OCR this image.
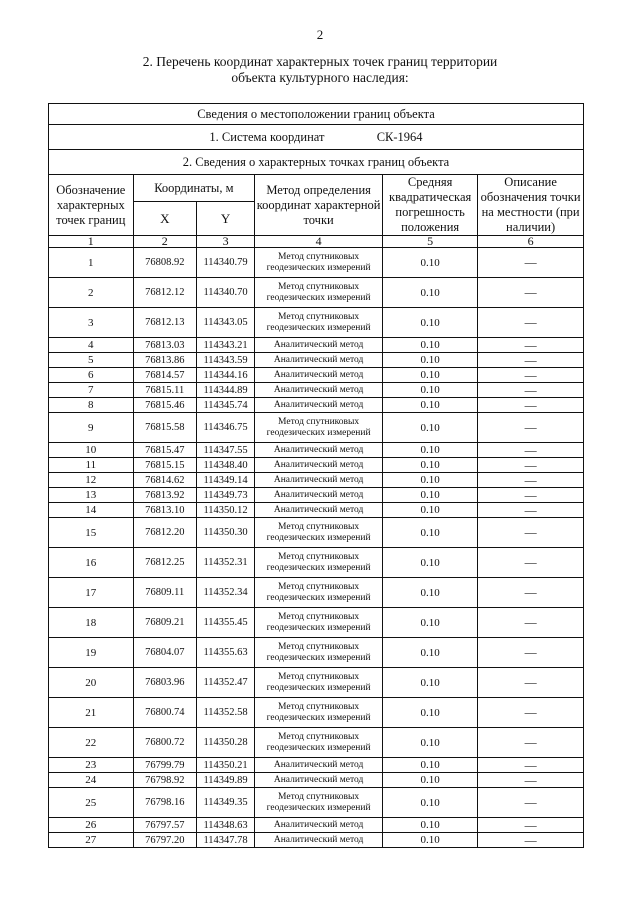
2
2. Перечень координат характерных точек границ территории
объекта культурного наследия:
Сведения о местоположении границ объекта					
1. Система координат СК-1964					
2. Сведения о характерных точках границ объекта					
Обозначение характерных точек границ	Координаты, м		Метод определения координат характерной точки	Средняя квадратическая погрешность положения	Описание обозначения точки на местности (при наличии)
	X	Y			
1	2	3	4	5	6
1	76808.92	114340.79	Метод спутниковых геодезических измерений	0.10	—
2	76812.12	114340.70	Метод спутниковых геодезических измерений	0.10	—
3	76812.13	114343.05	Метод спутниковых геодезических измерений	0.10	—
4	76813.03	114343.21	Аналитический метод	0.10	—
5	76813.86	114343.59	Аналитический метод	0.10	—
6	76814.57	114344.16	Аналитический метод	0.10	—
7	76815.11	114344.89	Аналитический метод	0.10	—
8	76815.46	114345.74	Аналитический метод	0.10	—
9	76815.58	114346.75	Метод спутниковых геодезических измерений	0.10	—
10	76815.47	114347.55	Аналитический метод	0.10	—
11	76815.15	114348.40	Аналитический метод	0.10	—
12	76814.62	114349.14	Аналитический метод	0.10	—
13	76813.92	114349.73	Аналитический метод	0.10	—
14	76813.10	114350.12	Аналитический метод	0.10	—
15	76812.20	114350.30	Метод спутниковых геодезических измерений	0.10	—
16	76812.25	114352.31	Метод спутниковых геодезических измерений	0.10	—
17	76809.11	114352.34	Метод спутниковых геодезических измерений	0.10	—
18	76809.21	114355.45	Метод спутниковых геодезических измерений	0.10	—
19	76804.07	114355.63	Метод спутниковых геодезических измерений	0.10	—
20	76803.96	114352.47	Метод спутниковых геодезических измерений	0.10	—
21	76800.74	114352.58	Метод спутниковых геодезических измерений	0.10	—
22	76800.72	114350.28	Метод спутниковых геодезических измерений	0.10	—
23	76799.79	114350.21	Аналитический метод	0.10	—
24	76798.92	114349.89	Аналитический метод	0.10	—
25	76798.16	114349.35	Метод спутниковых геодезических измерений	0.10	—
26	76797.57	114348.63	Аналитический метод	0.10	—
27	76797.20	114347.78	Аналитический метод	0.10	—
